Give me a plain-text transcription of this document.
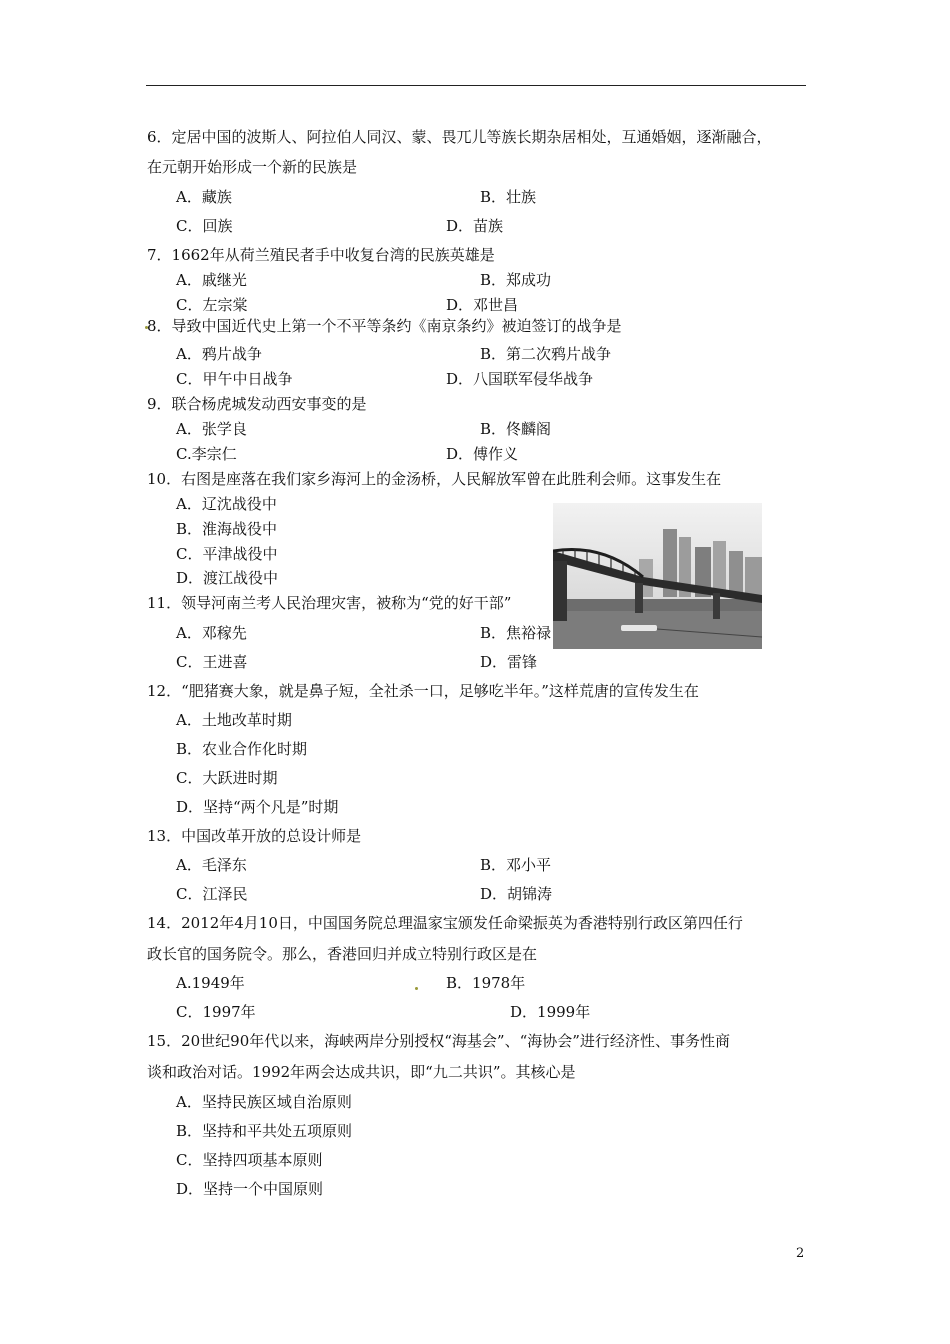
6．定居中国的波斯人、阿拉伯人同汉、蒙、畏兀儿等族长期杂居相处，互通婚姻，逐渐融合，
在元朝开始形成一个新的民族是
A．藏族	B．壮族
C．回族	D．苗族
7．1662年从荷兰殖民者手中收复台湾的民族英雄是
A．戚继光	B．郑成功
C．左宗棠	D．邓世昌
8．导致中国近代史上第一个不平等条约《南京条约》被迫签订的战争是
A．鸦片战争	B．第二次鸦片战争
C．甲午中日战争	D．八国联军侵华战争
9．联合杨虎城发动西安事变的是
A．张学良	B．佟麟阁
C.李宗仁	D．傅作义
10．右图是座落在我们家乡海河上的金汤桥，人民解放军曾在此胜利会师。这事发生在
A．辽沈战役中
B．淮海战役中
C．平津战役中
D．渡江战役中
11．领导河南兰考人民治理灾害，被称为“党的好干部”
A．邓稼先	B．焦裕禄
C．王进喜	D．雷锋
12．“肥猪赛大象，就是鼻子短，全社杀一口，足够吃半年。”这样荒唐的宣传发生在
A．土地改革时期
B．农业合作化时期
C．大跃进时期
D．坚持“两个凡是”时期
13．中国改革开放的总设计师是
A．毛泽东	B．邓小平
C．江泽民	D．胡锦涛
14．2012年4月10日，中国国务院总理温家宝颁发任命梁振英为香港特别行政区第四任行
政长官的国务院令。那么，香港回归并成立特别行政区是在
A.1949年	B．1978年
C．1997年	D．1999年
15．20世纪90年代以来，海峡两岸分别授权“海基会”、“海协会”进行经济性、事务性商
谈和政治对话。1992年两会达成共识，即“九二共识”。其核心是
A．坚持民族区域自治原则
B．坚持和平共处五项原则
C．坚持四项基本原则
D．坚持一个中国原则
2
